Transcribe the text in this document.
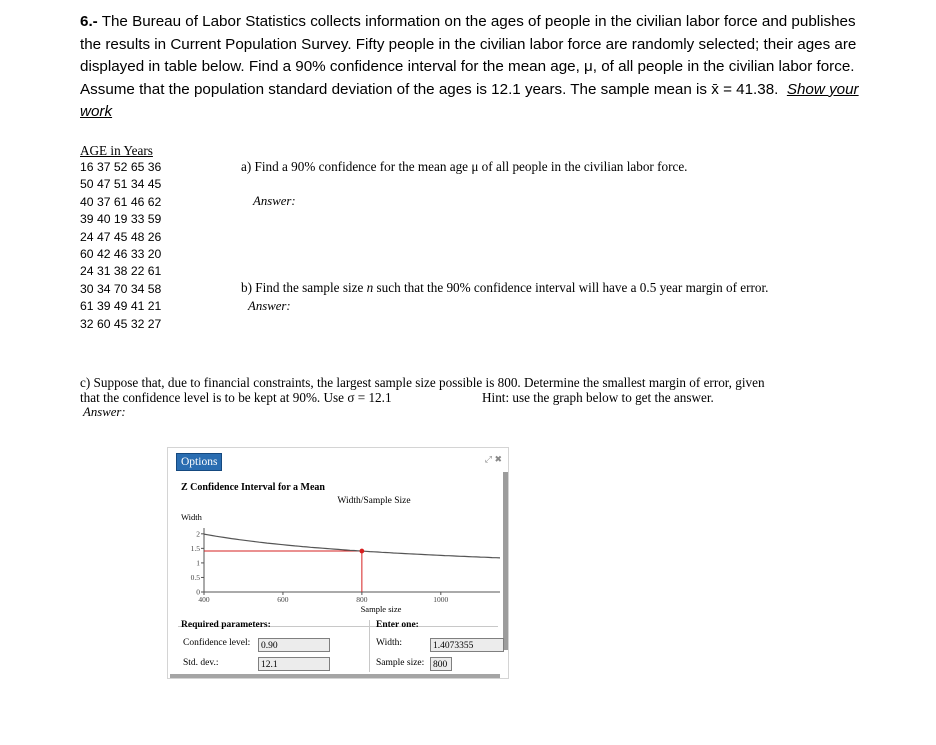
6.- The Bureau of Labor Statistics collects information on the ages of people in the civilian labor force and publishes the results in Current Population Survey. Fifty people in the civilian labor force are randomly selected; their ages are displayed in table below. Find a 90% confidence interval for the mean age, μ, of all people in the civilian labor force. Assume that the population standard deviation of the ages is 12.1 years. The sample mean is x̄ = 41.38. Show your work
AGE in Years
16 37 52 65 36
50 47 51 34 45
40 37 61 46 62
39 40 19 33 59
24 47 45 48 26
60 42 46 33 20
24 31 38 22 61
30 34 70 34 58
61 39 49 41 21
32 60 45 32 27
a) Find a 90% confidence for the mean age μ of all people in the civilian labor force.
Answer:
b) Find the sample size n such that the 90% confidence interval will have a 0.5 year margin of error.
Answer:
c) Suppose that, due to financial constraints, the largest sample size possible is 800. Determine the smallest margin of error, given
that the confidence level is to be kept at 90%. Use σ = 12.1	Hint: use the graph below to get the answer.
Answer:
Options	⤢ ✖
Z Confidence Interval for a Mean
Width/Sample Size
Width
Sample size
400	600	800	1000
0
0.5
1
1.5
2
Required parameters:
Confidence level:	0.90
Std. dev.:	12.1
Enter one:
Width:	1.4073355
Sample size: 800
